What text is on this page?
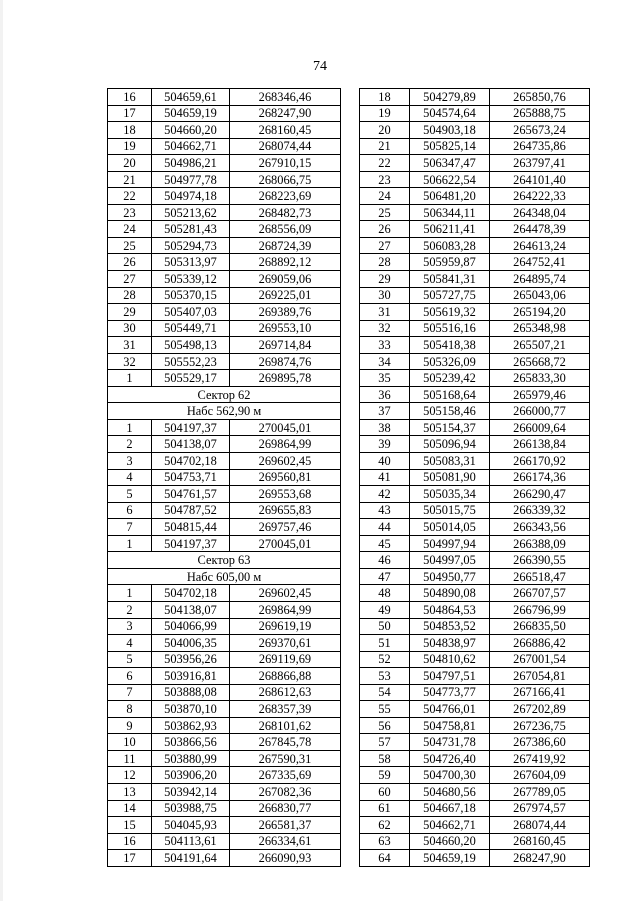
74
16	504659,61	268346,46
17	504659,19	268247,90
18	504660,20	268160,45
19	504662,71	268074,44
20	504986,21	267910,15
21	504977,78	268066,75
22	504974,18	268223,69
23	505213,62	268482,73
24	505281,43	268556,09
25	505294,73	268724,39
26	505313,97	268892,12
27	505339,12	269059,06
28	505370,15	269225,01
29	505407,03	269389,76
30	505449,71	269553,10
31	505498,13	269714,84
32	505552,23	269874,76
1	505529,17	269895,78
Сектор 62		
Набс 562,90 м		
1	504197,37	270045,01
2	504138,07	269864,99
3	504702,18	269602,45
4	504753,71	269560,81
5	504761,57	269553,68
6	504787,52	269655,83
7	504815,44	269757,46
1	504197,37	270045,01
Сектор 63		
Набс 605,00 м		
1	504702,18	269602,45
2	504138,07	269864,99
3	504066,99	269619,19
4	504006,35	269370,61
5	503956,26	269119,69
6	503916,81	268866,88
7	503888,08	268612,63
8	503870,10	268357,39
9	503862,93	268101,62
10	503866,56	267845,78
11	503880,99	267590,31
12	503906,20	267335,69
13	503942,14	267082,36
14	503988,75	266830,77
15	504045,93	266581,37
16	504113,61	266334,61
17	504191,64	266090,93
18	504279,89	265850,76
19	504574,64	265888,75
20	504903,18	265673,24
21	505825,14	264735,86
22	506347,47	263797,41
23	506622,54	264101,40
24	506481,20	264222,33
25	506344,11	264348,04
26	506211,41	264478,39
27	506083,28	264613,24
28	505959,87	264752,41
29	505841,31	264895,74
30	505727,75	265043,06
31	505619,32	265194,20
32	505516,16	265348,98
33	505418,38	265507,21
34	505326,09	265668,72
35	505239,42	265833,30
36	505168,64	265979,46
37	505158,46	266000,77
38	505154,37	266009,64
39	505096,94	266138,84
40	505083,31	266170,92
41	505081,90	266174,36
42	505035,34	266290,47
43	505015,75	266339,32
44	505014,05	266343,56
45	504997,94	266388,09
46	504997,05	266390,55
47	504950,77	266518,47
48	504890,08	266707,57
49	504864,53	266796,99
50	504853,52	266835,50
51	504838,97	266886,42
52	504810,62	267001,54
53	504797,51	267054,81
54	504773,77	267166,41
55	504766,01	267202,89
56	504758,81	267236,75
57	504731,78	267386,60
58	504726,40	267419,92
59	504700,30	267604,09
60	504680,56	267789,05
61	504667,18	267974,57
62	504662,71	268074,44
63	504660,20	268160,45
64	504659,19	268247,90
